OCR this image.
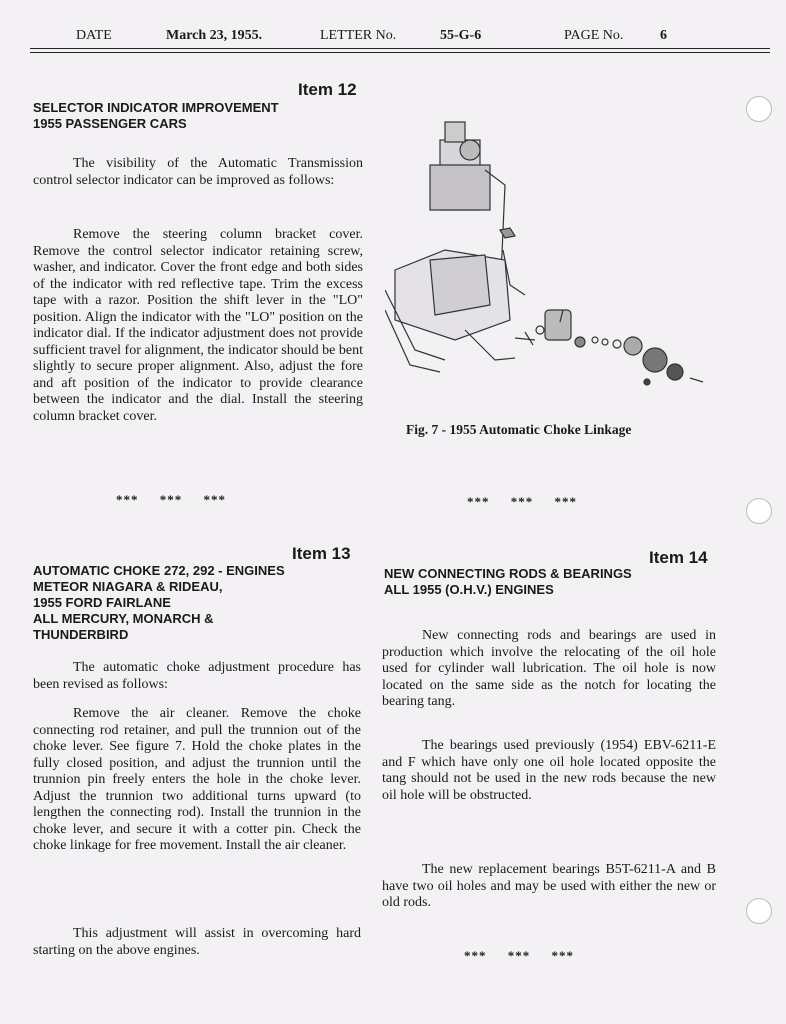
DATE	March 23, 1955.	LETTER No.	55-G-6	PAGE No.	6
Item 12
SELECTOR INDICATOR IMPROVEMENT
1955 PASSENGER CARS
The visibility of the Automatic Transmission control selector indicator can be improved as follows:
Remove the steering column bracket cover. Remove the control selector indicator retaining screw, washer, and indicator. Cover the front edge and both sides of the indicator with red reflective tape. Trim the excess tape with a razor. Position the shift lever in the "LO" position. Align the indicator with the "LO" position on the indicator dial. If the indicator adjustment does not provide sufficient travel for alignment, the indicator should be bent slightly to secure proper alignment. Also, adjust the fore and aft position of the indicator to provide clearance between the indicator and the dial. Install the steering column bracket cover.
***     ***     ***
Fig. 7 - 1955 Automatic Choke Linkage
***     ***     ***
Item 13
AUTOMATIC CHOKE 272, 292 - ENGINES
METEOR NIAGARA & RIDEAU,
1955 FORD FAIRLANE
ALL MERCURY, MONARCH &
THUNDERBIRD
The automatic choke adjustment procedure has been revised as follows:
Remove the air cleaner. Remove the choke connecting rod retainer, and pull the trunnion out of the choke lever. See figure 7. Hold the choke plates in the fully closed position, and adjust the trunnion until the trunnion pin freely enters the hole in the choke lever. Adjust the trunnion two additional turns upward (to lengthen the connecting rod). Install the trunnion in the choke lever, and secure it with a cotter pin. Check the choke linkage for free movement. Install the air cleaner.
This adjustment will assist in overcoming hard starting on the above engines.
Item 14
NEW CONNECTING RODS & BEARINGS
ALL 1955 (O.H.V.) ENGINES
New connecting rods and bearings are used in production which involve the relocating of the oil hole used for cylinder wall lubrication. The oil hole is now located on the same side as the notch for locating the bearing tang.
The bearings used previously (1954) EBV-6211-E and F which have only one oil hole located opposite the tang should not be used in the new rods because the new oil hole will be obstructed.
The new replacement bearings B5T-6211-A and B have two oil holes and may be used with either the new or old rods.
***     ***     ***
